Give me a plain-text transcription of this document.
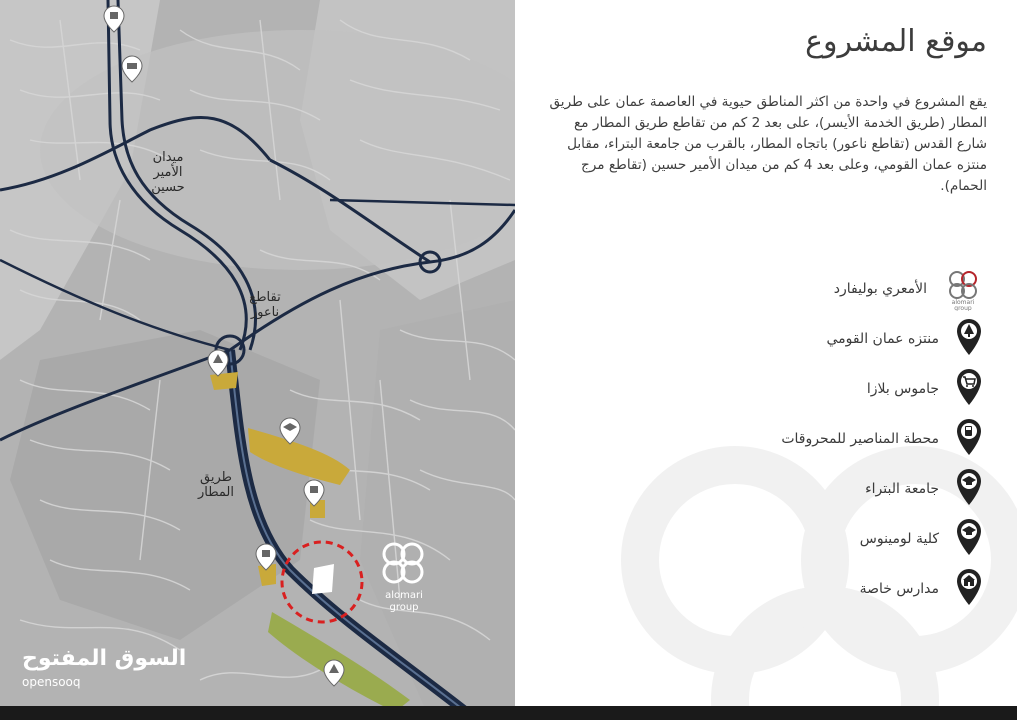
alomari
group
ميدان
الأمير
حسين
تقاطع
ناعور
طريق
المطار
السوق المفتوح
opensooq
موقع المشروع

يقع المشروع في واحدة من اكثر المناطق حيوية في العاصمة عمان على طريق المطار (طريق الخدمة الأيسر)، على بعد 2 كم من تقاطع طريق المطار مع شارع القدس (تقاطع ناعور) باتجاه المطار، بالقرب من جامعة البتراء، مقابل منتزه عمان القومي، وعلى بعد 4 كم من ميدان الأمير حسين (تقاطع مرج الحمام).

الأمعري بوليفارد
alomari
group
منتزه عمان القومي
جاموس بلازا
محطة المناصير للمحروقات
جامعة البتراء
كلية لومينوس
مدارس خاصة
